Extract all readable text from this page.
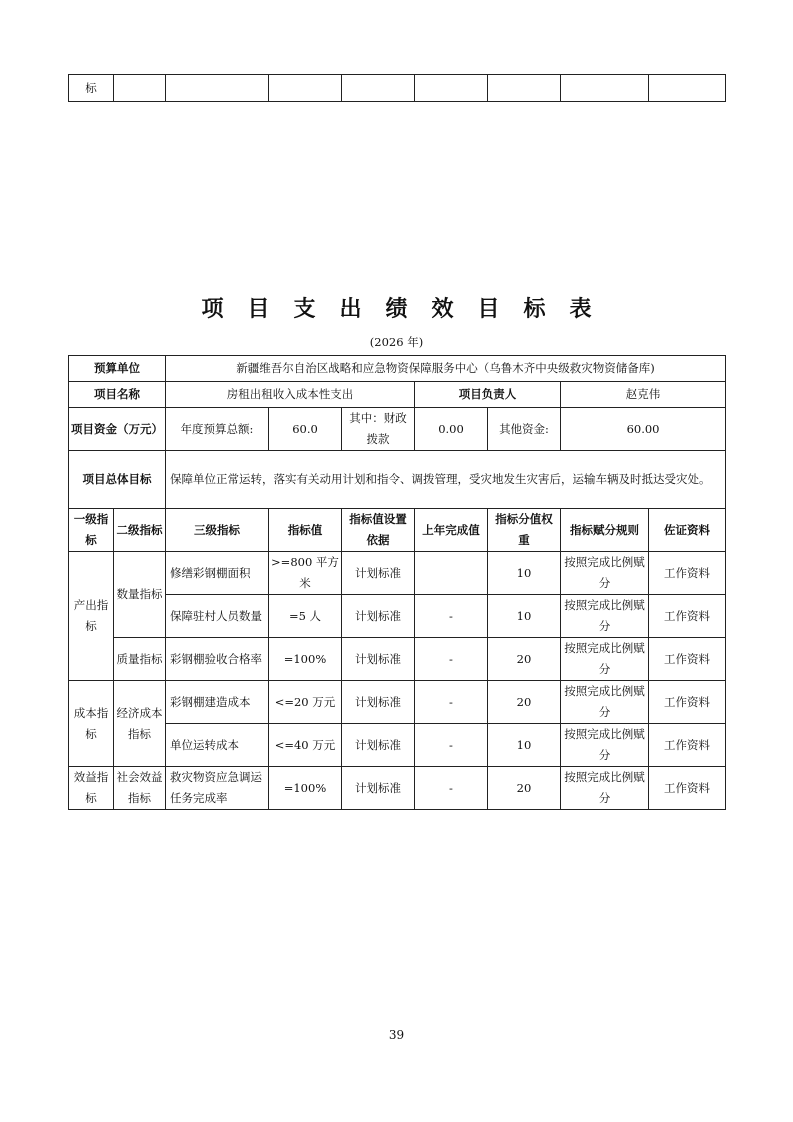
标								
项目支出绩效目标表
(2026 年)
预算单位		新疆维吾尔自治区战略和应急物资保障服务中心（乌鲁木齐中央级救灾物资储备库)						
项目名称		房租出租收入成本性支出			项目负责人		赵克伟	
项目资金（万元）		年度预算总额:	60.0	其中：财政拨款	0.00	其他资金:	60.00	
项目总体目标		保障单位正常运转，落实有关动用计划和指令、调拨管理，受灾地发生灾害后，运输车辆及时抵达受灾处。						
一级指标	二级指标	三级指标	指标值	指标值设置依据	上年完成值	指标分值权重	指标赋分规则	佐证资料
产出指标	数量指标	修缮彩钢棚面积	>=800 平方米	计划标准		10	按照完成比例赋分	工作资料
		保障驻村人员数量	=5 人	计划标准	-	10	按照完成比例赋分	工作资料
	质量指标	彩钢棚验收合格率	=100%	计划标准	-	20	按照完成比例赋分	工作资料
成本指标	经济成本指标	彩钢棚建造成本	<=20 万元	计划标准	-	20	按照完成比例赋分	工作资料
		单位运转成本	<=40 万元	计划标准	-	10	按照完成比例赋分	工作资料
效益指标	社会效益指标	救灾物资应急调运任务完成率	=100%	计划标准	-	20	按照完成比例赋分	工作资料
39
